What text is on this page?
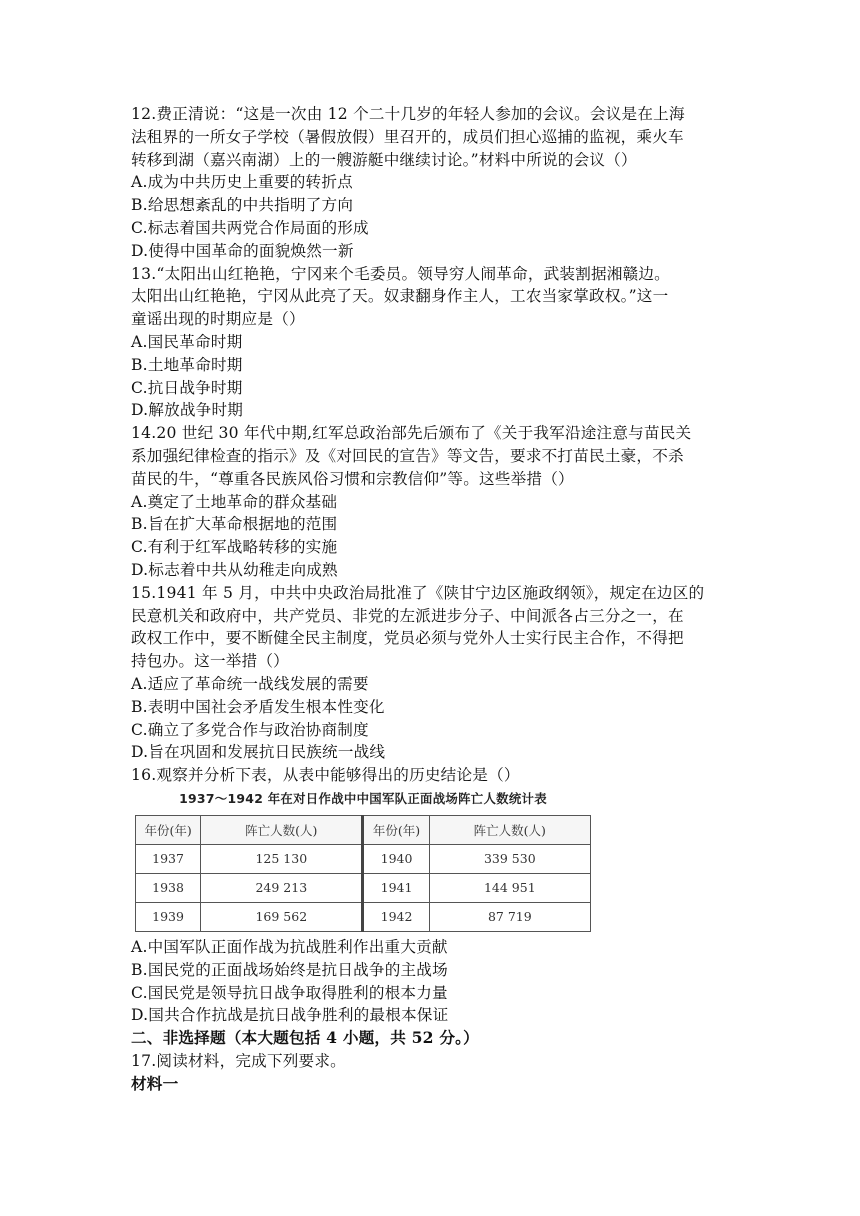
12.费正清说：“这是一次由 12 个二十几岁的年轻人参加的会议。会议是在上海
法租界的一所女子学校（暑假放假）里召开的，成员们担心巡捕的监视，乘火车
转移到湖（嘉兴南湖）上的一艘游艇中继续讨论。”材料中所说的会议（）
A.成为中共历史上重要的转折点
B.给思想紊乱的中共指明了方向
C.标志着国共两党合作局面的形成
D.使得中国革命的面貌焕然一新
13.“太阳出山红艳艳，宁冈来个毛委员。领导穷人闹革命，武装割据湘赣边。
太阳出山红艳艳，宁冈从此亮了天。奴隶翻身作主人，工农当家掌政权。”这一
童谣出现的时期应是（）
A.国民革命时期
B.土地革命时期
C.抗日战争时期
D.解放战争时期
14.20 世纪 30 年代中期,红军总政治部先后颁布了《关于我军沿途注意与苗民关
系加强纪律检查的指示》及《对回民的宣告》等文告，要求不打苗民土豪，不杀
苗民的牛，“尊重各民族风俗习惯和宗教信仰”等。这些举措（）
A.奠定了土地革命的群众基础
B.旨在扩大革命根据地的范围
C.有利于红军战略转移的实施
D.标志着中共从幼稚走向成熟
15.1941 年 5 月，中共中央政治局批准了《陕甘宁边区施政纲领》，规定在边区的
民意机关和政府中，共产党员、非党的左派进步分子、中间派各占三分之一，在
政权工作中，要不断健全民主制度，党员必须与党外人士实行民主合作，不得把
持包办。这一举措（）
A.适应了革命统一战线发展的需要
B.表明中国社会矛盾发生根本性变化
C.确立了多党合作与政治协商制度
D.旨在巩固和发展抗日民族统一战线
16.观察并分析下表，从表中能够得出的历史结论是（）
1937～1942 年在对日作战中中国军队正面战场阵亡人数统计表
年份(年)	阵亡人数(人)	年份(年)	阵亡人数(人)
1937	125 130	1940	339 530
1938	249 213	1941	144 951
1939	169 562	1942	87 719
A.中国军队正面作战为抗战胜利作出重大贡献
B.国民党的正面战场始终是抗日战争的主战场
C.国民党是领导抗日战争取得胜利的根本力量
D.国共合作抗战是抗日战争胜利的最根本保证
二、非选择题（本大题包括 4 小题，共 52 分。）
17.阅读材料，完成下列要求。
材料一
